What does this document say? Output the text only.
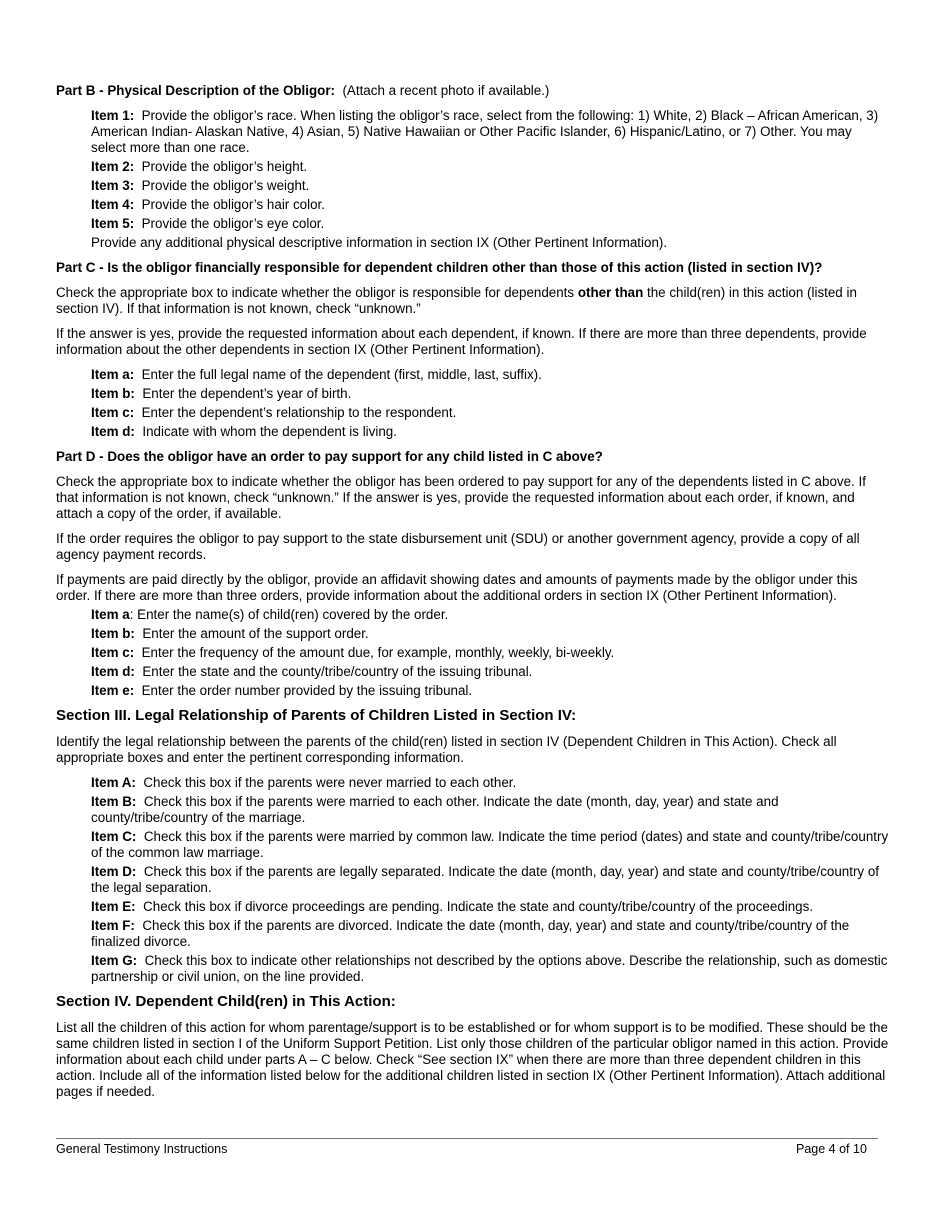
Part B - Physical Description of the Obligor: (Attach a recent photo if available.)
Item 1: Provide the obligor’s race. When listing the obligor’s race, select from the following: 1) White, 2) Black – African American, 3) American Indian- Alaskan Native, 4) Asian, 5) Native Hawaiian or Other Pacific Islander, 6) Hispanic/Latino, or 7) Other. You may select more than one race.
Item 2: Provide the obligor’s height.
Item 3: Provide the obligor’s weight.
Item 4: Provide the obligor’s hair color.
Item 5: Provide the obligor’s eye color.
Provide any additional physical descriptive information in section IX (Other Pertinent Information).
Part C - Is the obligor financially responsible for dependent children other than those of this action (listed in section IV)?
Check the appropriate box to indicate whether the obligor is responsible for dependents other than the child(ren) in this action (listed in section IV). If that information is not known, check “unknown.”
If the answer is yes, provide the requested information about each dependent, if known. If there are more than three dependents, provide information about the other dependents in section IX (Other Pertinent Information).
Item a: Enter the full legal name of the dependent (first, middle, last, suffix).
Item b: Enter the dependent’s year of birth.
Item c: Enter the dependent’s relationship to the respondent.
Item d: Indicate with whom the dependent is living.
Part D - Does the obligor have an order to pay support for any child listed in C above?
Check the appropriate box to indicate whether the obligor has been ordered to pay support for any of the dependents listed in C above. If that information is not known, check “unknown.” If the answer is yes, provide the requested information about each order, if known, and attach a copy of the order, if available.
If the order requires the obligor to pay support to the state disbursement unit (SDU) or another government agency, provide a copy of all agency payment records.
If payments are paid directly by the obligor, provide an affidavit showing dates and amounts of payments made by the obligor under this order. If there are more than three orders, provide information about the additional orders in section IX (Other Pertinent Information).
Item a: Enter the name(s) of child(ren) covered by the order.
Item b: Enter the amount of the support order.
Item c: Enter the frequency of the amount due, for example, monthly, weekly, bi-weekly.
Item d: Enter the state and the county/tribe/country of the issuing tribunal.
Item e: Enter the order number provided by the issuing tribunal.
Section III. Legal Relationship of Parents of Children Listed in Section IV:
Identify the legal relationship between the parents of the child(ren) listed in section IV (Dependent Children in This Action). Check all appropriate boxes and enter the pertinent corresponding information.
Item A: Check this box if the parents were never married to each other.
Item B: Check this box if the parents were married to each other. Indicate the date (month, day, year) and state and county/tribe/country of the marriage.
Item C: Check this box if the parents were married by common law. Indicate the time period (dates) and state and county/tribe/country of the common law marriage.
Item D: Check this box if the parents are legally separated. Indicate the date (month, day, year) and state and county/tribe/country of the legal separation.
Item E: Check this box if divorce proceedings are pending. Indicate the state and county/tribe/country of the proceedings.
Item F: Check this box if the parents are divorced. Indicate the date (month, day, year) and state and county/tribe/country of the finalized divorce.
Item G: Check this box to indicate other relationships not described by the options above. Describe the relationship, such as domestic partnership or civil union, on the line provided.
Section IV. Dependent Child(ren) in This Action:
List all the children of this action for whom parentage/support is to be established or for whom support is to be modified. These should be the same children listed in section I of the Uniform Support Petition. List only those children of the particular obligor named in this action. Provide information about each child under parts A – C below. Check “See section IX” when there are more than three dependent children in this action. Include all of the information listed below for the additional children listed in section IX (Other Pertinent Information). Attach additional pages if needed.
General Testimony Instructions	Page 4 of 10
